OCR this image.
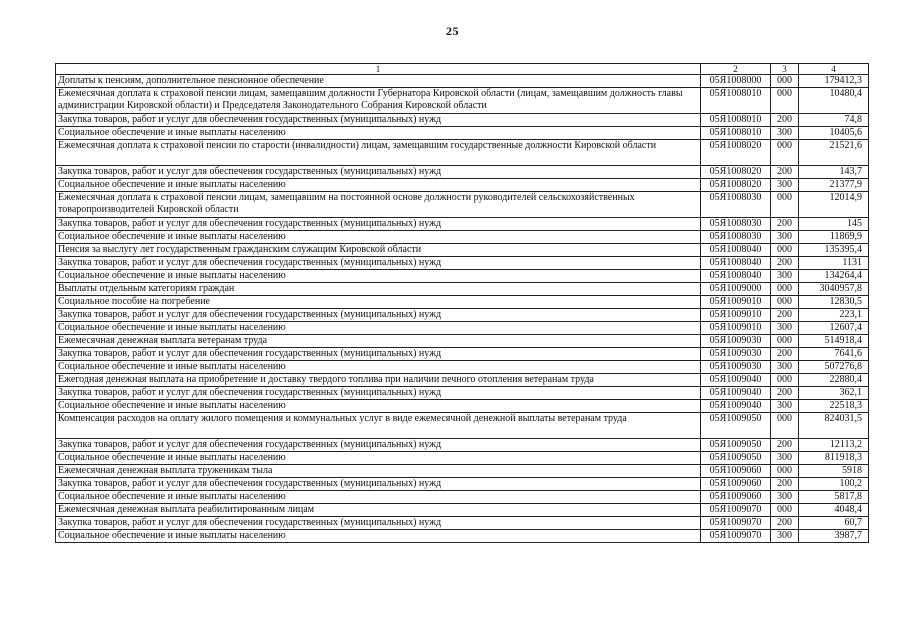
25
1	2	3	4
Доплаты к пенсиям, дополнительное пенсионное обеспечение	05Я1008000	000	179412,3
Ежемесячная доплата к страховой пенсии лицам, замещавшим должности Губернатора Кировской области (лицам, замещавшим должность главы администрации Кировской области) и Председателя Законодательного Собрания Кировской области	05Я1008010	000	10480,4
Закупка товаров, работ и услуг для обеспечения государственных (муниципальных) нужд	05Я1008010	200	74,8
Социальное обеспечение и иные выплаты населению	05Я1008010	300	10405,6
Ежемесячная доплата к страховой пенсии по старости (инвалидности) лицам, замещавшим государственные должности Кировской области	05Я1008020	000	21521,6
Закупка товаров, работ и услуг для обеспечения государственных (муниципальных) нужд	05Я1008020	200	143,7
Социальное обеспечение и иные выплаты населению	05Я1008020	300	21377,9
Ежемесячная доплата к страховой пенсии лицам, замещавшим на постоянной основе должности руководителей сельскохозяйственных товаропроизводителей Кировской области	05Я1008030	000	12014,9
Закупка товаров, работ и услуг для обеспечения государственных (муниципальных) нужд	05Я1008030	200	145
Социальное обеспечение и иные выплаты населению	05Я1008030	300	11869,9
Пенсия за выслугу лет государственным гражданским служащим Кировской области	05Я1008040	000	135395,4
Закупка товаров, работ и услуг для обеспечения государственных (муниципальных) нужд	05Я1008040	200	1131
Социальное обеспечение и иные выплаты населению	05Я1008040	300	134264,4
Выплаты отдельным категориям граждан	05Я1009000	000	3040957,8
Социальное пособие на погребение	05Я1009010	000	12830,5
Закупка товаров, работ и услуг для обеспечения государственных (муниципальных) нужд	05Я1009010	200	223,1
Социальное обеспечение и иные выплаты населению	05Я1009010	300	12607,4
Ежемесячная денежная выплата ветеранам труда	05Я1009030	000	514918,4
Закупка товаров, работ и услуг для обеспечения государственных (муниципальных) нужд	05Я1009030	200	7641,6
Социальное обеспечение и иные выплаты населению	05Я1009030	300	507276,8
Ежегодная денежная выплата на приобретение и доставку твердого топлива при наличии печного отопления ветеранам труда	05Я1009040	000	22880,4
Закупка товаров, работ и услуг для обеспечения государственных (муниципальных) нужд	05Я1009040	200	362,1
Социальное обеспечение и иные выплаты населению	05Я1009040	300	22518,3
Компенсация расходов на оплату жилого помещения и коммунальных услуг в виде ежемесячной денежной выплаты ветеранам труда	05Я1009050	000	824031,5
Закупка товаров, работ и услуг для обеспечения государственных (муниципальных) нужд	05Я1009050	200	12113,2
Социальное обеспечение и иные выплаты населению	05Я1009050	300	811918,3
Ежемесячная денежная выплата труженикам тыла	05Я1009060	000	5918
Закупка товаров, работ и услуг для обеспечения государственных (муниципальных) нужд	05Я1009060	200	100,2
Социальное обеспечение и иные выплаты населению	05Я1009060	300	5817,8
Ежемесячная денежная выплата реабилитированным лицам	05Я1009070	000	4048,4
Закупка товаров, работ и услуг для обеспечения государственных (муниципальных) нужд	05Я1009070	200	60,7
Социальное обеспечение и иные выплаты населению	05Я1009070	300	3987,7
